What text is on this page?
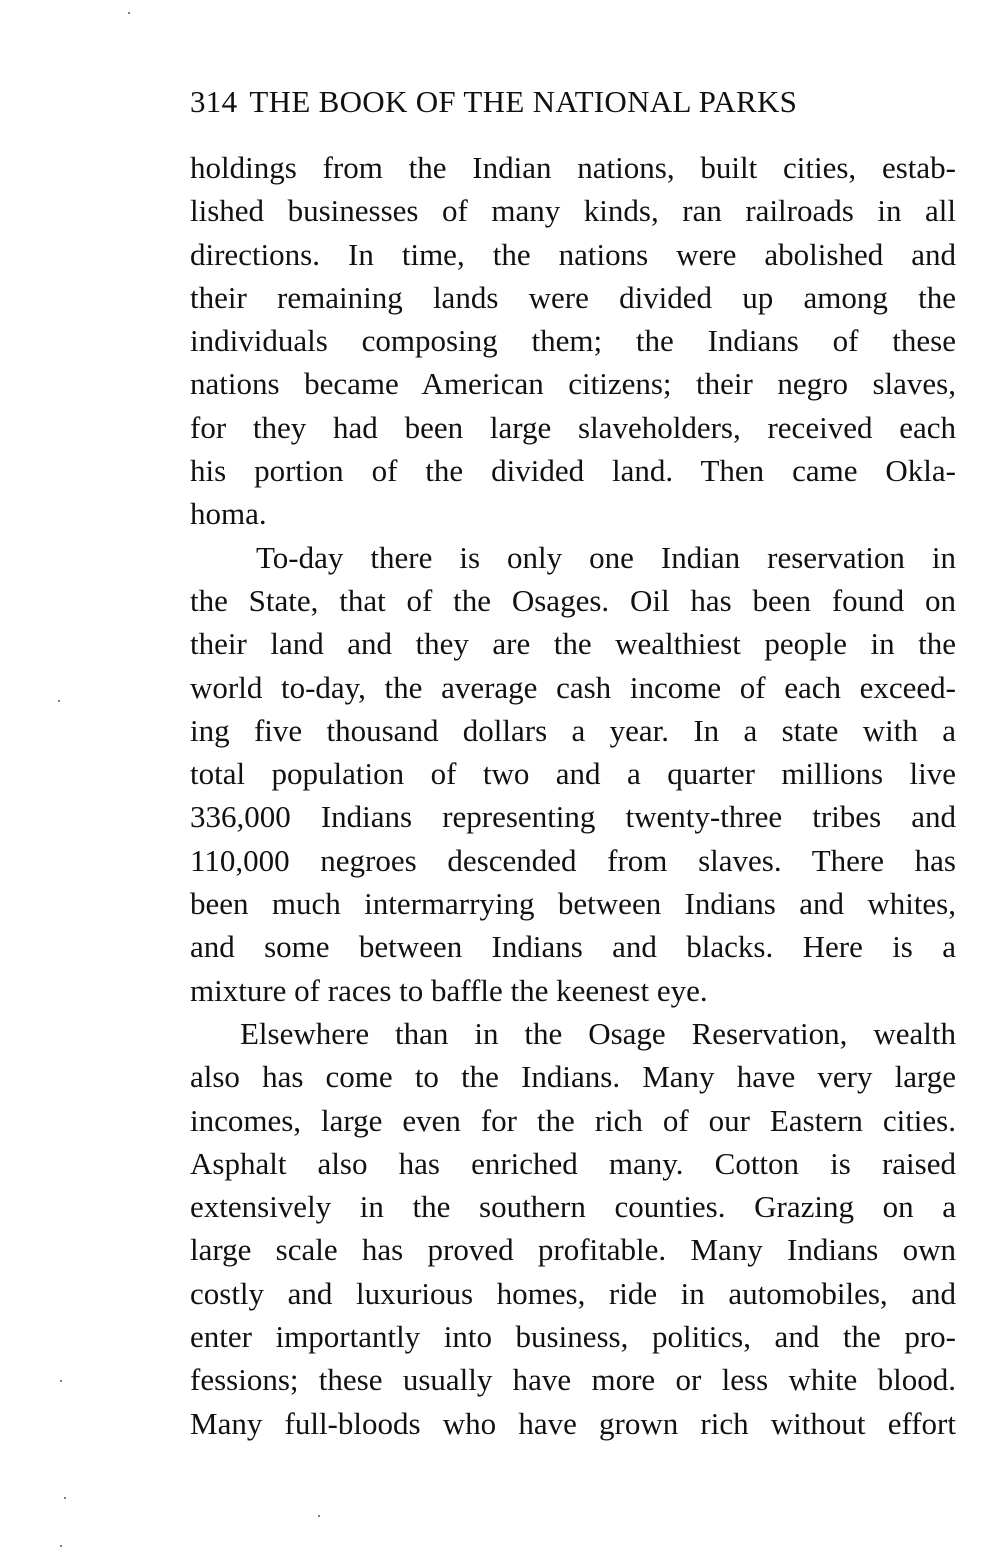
314 THE BOOK OF THE NATIONAL PARKS
holdings from the Indian nations, built cities, estab-
lished businesses of many kinds, ran railroads in all
directions. In time, the nations were abolished and
their remaining lands were divided up among the
individuals composing them; the Indians of these
nations became American citizens; their negro slaves,
for they had been large slaveholders, received each
his portion of the divided land. Then came Okla-
homa.
To-day there is only one Indian reservation in
the State, that of the Osages. Oil has been found on
their land and they are the wealthiest people in the
world to-day, the average cash income of each exceed-
ing five thousand dollars a year. In a state with a
total population of two and a quarter millions live
336,000 Indians representing twenty-three tribes and
110,000 negroes descended from slaves. There has
been much intermarrying between Indians and whites,
and some between Indians and blacks. Here is a
mixture of races to baffle the keenest eye.
Elsewhere than in the Osage Reservation, wealth
also has come to the Indians. Many have very large
incomes, large even for the rich of our Eastern cities.
Asphalt also has enriched many. Cotton is raised
extensively in the southern counties. Grazing on a
large scale has proved profitable. Many Indians own
costly and luxurious homes, ride in automobiles, and
enter importantly into business, politics, and the pro-
fessions; these usually have more or less white blood.
Many full-bloods who have grown rich without effort
